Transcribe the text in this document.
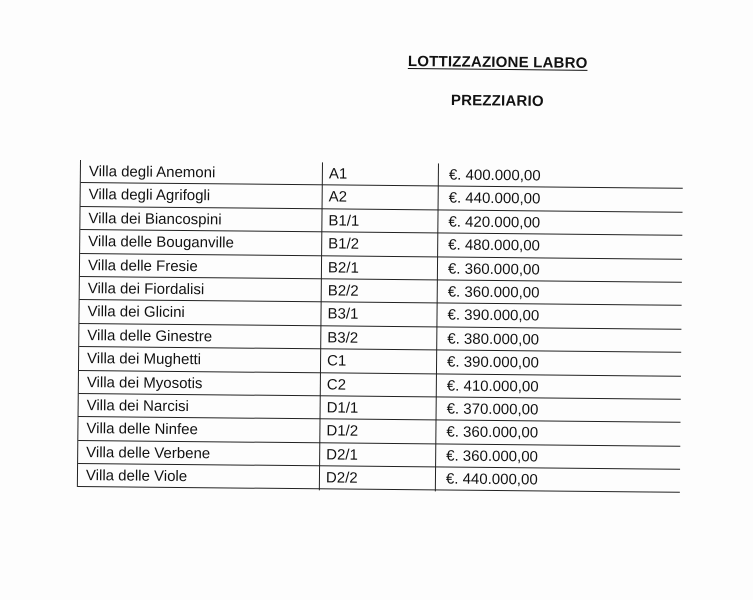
LOTTIZZAZIONE LABRO
PREZZIARIO
Villa degli Anemoni	A1	€. 400.000,00
Villa degli Agrifogli	A2	€. 440.000,00
Villa dei Biancospini	B1/1	€. 420.000,00
Villa delle Bouganville	B1/2	€. 480.000,00
Villa delle Fresie	B2/1	€. 360.000,00
Villa dei Fiordalisi	B2/2	€. 360.000,00
Villa dei Glicini	B3/1	€. 390.000,00
Villa delle Ginestre	B3/2	€. 380.000,00
Villa dei Mughetti	C1	€. 390.000,00
Villa dei Myosotis	C2	€. 410.000,00
Villa dei Narcisi	D1/1	€. 370.000,00
Villa delle Ninfee	D1/2	€. 360.000,00
Villa delle Verbene	D2/1	€. 360.000,00
Villa delle Viole	D2/2	€. 440.000,00
